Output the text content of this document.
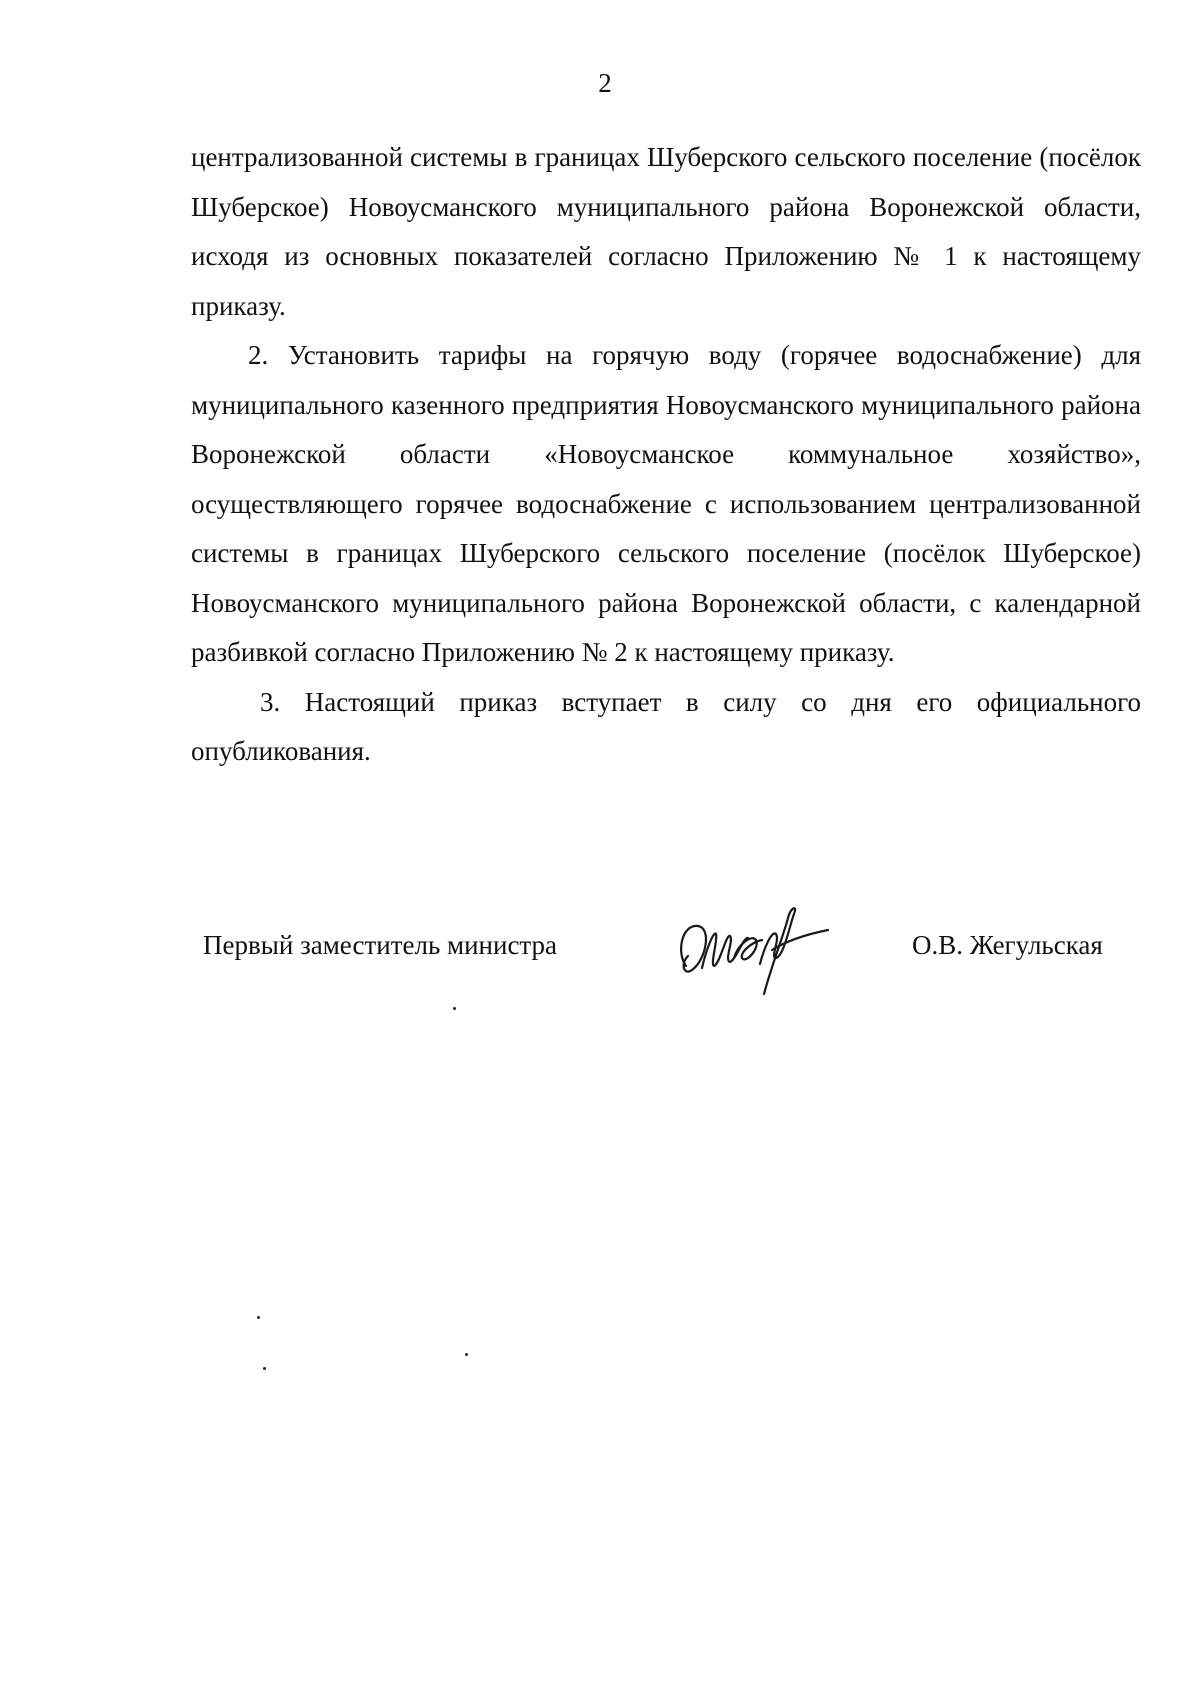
2

централизованной системы в границах Шуберского сельского поселение (посёлок Шуберское) Новоусманского муниципального района Воронежской области, исходя из основных показателей согласно Приложению № 1 к настоящему приказу.

2. Установить тарифы на горячую воду (горячее водоснабжение) для муниципального казенного предприятия Новоусманского муниципального района Воронежской области «Новоусманское коммунальное хозяйство», осуществляющего горячее водоснабжение с использованием централизованной системы в границах Шуберского сельского поселение (посёлок Шуберское) Новоусманского муниципального района Воронежской области, с календарной разбивкой согласно Приложению № 2 к настоящему приказу.

3. Настоящий приказ вступает в силу со дня его официального опубликования.

Первый заместитель министра	О.В. Жегульская
